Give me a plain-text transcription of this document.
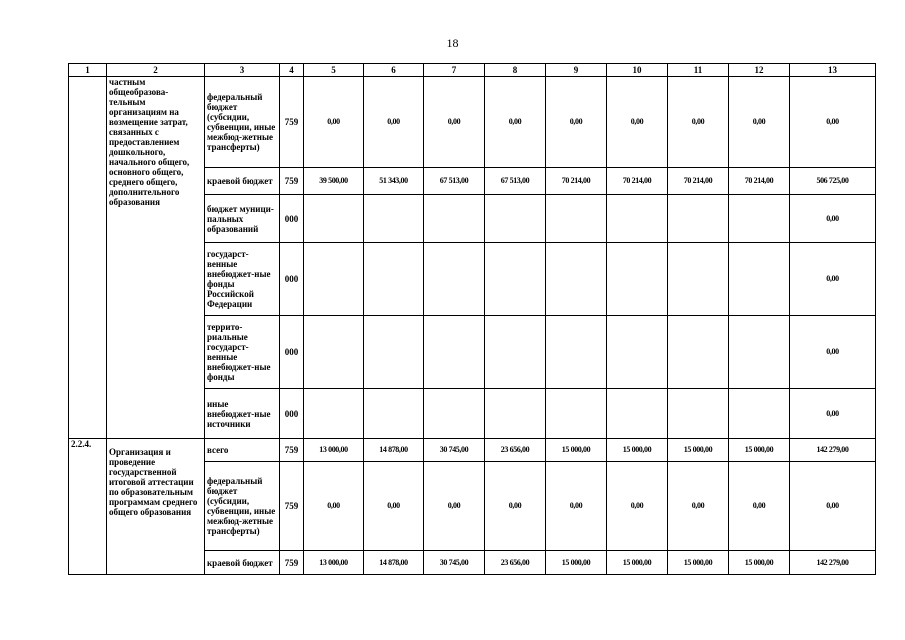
18
1	2	3	4	5	6	7	8	9	10	11	12	13

	частным общеобразова-тельным организациям на возмещение затрат, связанных с предоставлением дошкольного, начального общего, основного общего, среднего общего, дополнительного образования	федеральный бюджет (субсидии, субвенции, иные межбюд-жетные трансферты)	759	0,00	0,00	0,00	0,00	0,00	0,00	0,00	0,00	0,00
		краевой бюджет	759	39 500,00	51 343,00	67 513,00	67 513,00	70 214,00	70 214,00	70 214,00	70 214,00	506 725,00
		бюджет муници-пальных образований	000									0,00
		государст-венные внебюджет-ные фонды Российской Федерации	000									0,00
		террито-риальные государст-венные внебюджет-ные фонды	000									0,00
		иные внебюджет-ные источники	000									0,00
2.2.4.	Организация и проведение государственной итоговой аттестации по образовательным программам среднего общего образования	всего	759	13 000,00	14 878,00	30 745,00	23 656,00	15 000,00	15 000,00	15 000,00	15 000,00	142 279,00
		федеральный бюджет (субсидии, субвенции, иные межбюд-жетные трансферты)	759	0,00	0,00	0,00	0,00	0,00	0,00	0,00	0,00	0,00
		краевой бюджет	759	13 000,00	14 878,00	30 745,00	23 656,00	15 000,00	15 000,00	15 000,00	15 000,00	142 279,00
